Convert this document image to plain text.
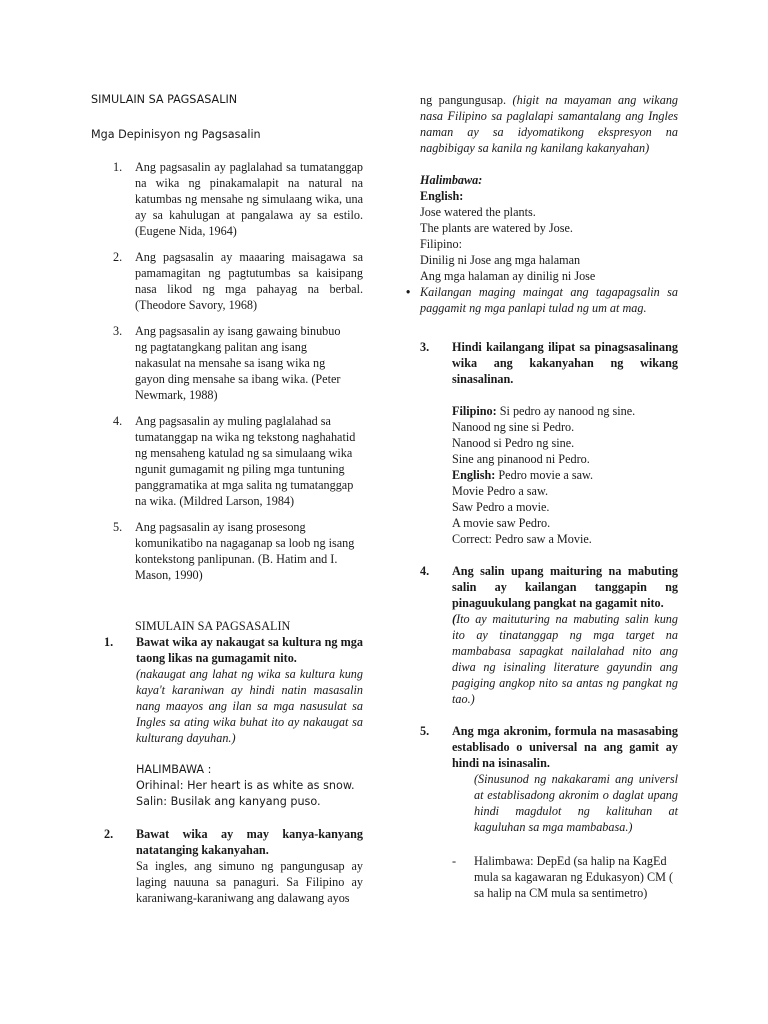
SIMULAIN SA PAGSASALIN

Mga Depinisyon ng Pagsasalin

1. Ang pagsasalin ay paglalahad sa tumatanggap na wika ng pinakamalapit na natural na katumbas ng mensahe ng simulaang wika, una ay sa kahulugan at pangalawa ay sa estilo. (Eugene Nida, 1964)
2. Ang pagsasalin ay maaaring maisagawa sa pamamagitan ng pagtutumbas sa kaisipang nasa likod ng mga pahayag na berbal. (Theodore Savory, 1968)
3. Ang pagsasalin ay isang gawaing binubuo ng pagtatangkang palitan ang isang nakasulat na mensahe sa isang wika ng gayon ding mensahe sa ibang wika. (Peter Newmark, 1988)
4. Ang pagsasalin ay muling paglalahad sa tumatanggap na wika ng tekstong naghahatid ng mensaheng katulad ng sa simulaang wika ngunit gumagamit ng piling mga tuntuning panggramatika at mga salita ng tumatanggap na wika. (Mildred Larson, 1984)
5. Ang pagsasalin ay isang prosesong komunikatibo na nagaganap sa loob ng isang kontekstong panlipunan. (B. Hatim and I. Mason, 1990)

SIMULAIN SA PAGSASALIN

1. Bawat wika ay nakaugat sa kultura ng mga taong likas na gumagamit nito.

(nakaugat ang lahat ng wika sa kultura kung kaya't karaniwan ay hindi natin masasalin nang maayos ang ilan sa mga nasusulat sa Ingles sa ating wika buhat ito ay nakaugat sa kulturang dayuhan.)

HALIMBAWA :

Orihinal: Her heart is as white as snow.

Salin: Busilak ang kanyang puso.

2. Bawat wika ay may kanya-kanyang natatanging kakanyahan.

Sa ingles, ang simuno ng pangungusap ay laging nauuna sa panaguri. Sa Filipino ay karaniwang-karaniwang ang dalawang ayos

ng pangungusap. (higit na mayaman ang wikang nasa Filipino sa paglalapi samantalang ang Ingles naman ay sa idyomatikong ekspresyon na nagbibigay sa kanila ng kanilang kakanyahan)

Halimbawa:

English:

Jose watered the plants.

The plants are watered by Jose.

Filipino:

Dinilig ni Jose ang mga halaman

Ang mga halaman ay dinilig ni Jose

• Kailangan maging maingat ang tagapagsalin sa paggamit ng mga panlapi tulad ng um at mag.

3. Hindi kailangang ilipat sa pinagsasalinang wika ang kakanyahan ng wikang sinasalinan.

Filipino: Si pedro ay nanood ng sine.

Nanood ng sine si Pedro.

Nanood si Pedro ng sine.

Sine ang pinanood ni Pedro.

English: Pedro movie a saw.

Movie Pedro a saw.

Saw Pedro a movie.

A movie saw Pedro.

Correct: Pedro saw a Movie.

4. Ang salin upang maituring na mabuting salin ay kailangan tanggapin ng pinaguukulang pangkat na gagamit nito.

(Ito ay maituturing na mabuting salin kung ito ay tinatanggap ng mga target na mambabasa sapagkat nailalahad nito ang diwa ng isinaling literature gayundin ang pagiging angkop nito sa antas ng pangkat ng tao.)

5. Ang mga akronim, formula na masasabing establisado o universal na ang gamit ay hindi na isinasalin.

(Sinusunod ng nakakarami ang universl at establisadong akronim o daglat upang hindi magdulot ng kalituhan at kaguluhan sa mga mambabasa.)

- Halimbawa: DepEd (sa halip na KagEd mula sa kagawaran ng Edukasyon) CM ( sa halip na CM mula sa sentimetro)
